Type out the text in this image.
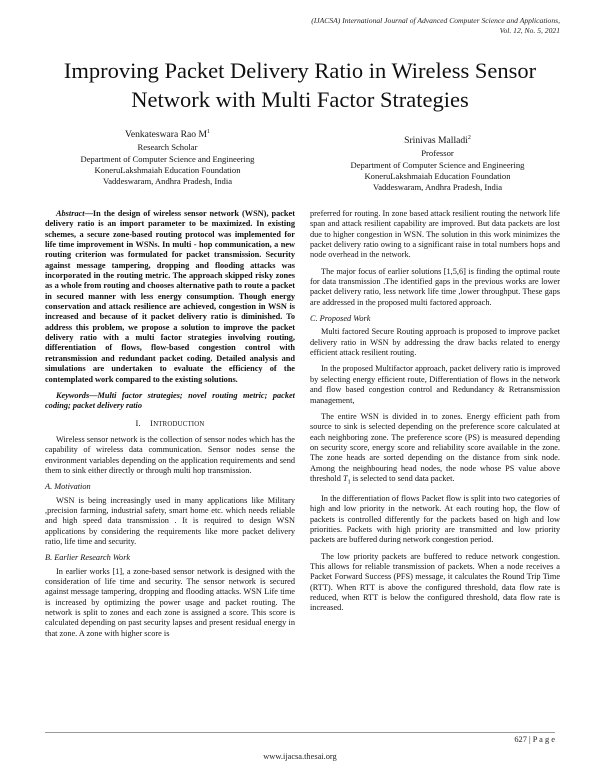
(IJACSA) International Journal of Advanced Computer Science and Applications,
Vol. 12, No. 5, 2021
Improving Packet Delivery Ratio in Wireless Sensor
Network with Multi Factor Strategies
Venkateswara Rao $M^1$
Research Scholar
Department of Computer Science and Engineering
KoneruLakshmaiah Education Foundation
Vaddeswaram, Andhra Pradesh, India
Srinivas Malladi$^2$
Professor
Department of Computer Science and Engineering
KoneruLakshmaiah Education Foundation
Vaddeswaram, Andhra Pradesh, India

Abstract—In the design of wireless sensor network (WSN), packet delivery ratio is an import parameter to be maximized. In existing schemes, a secure zone-based routing protocol was implemented for life time improvement in WSNs. In multi - hop communication, a new routing criterion was formulated for packet transmission. Security against message tampering, dropping and flooding attacks was incorporated in the routing metric. The approach skipped risky zones as a whole from routing and chooses alternative path to route a packet in secured manner with less energy consumption. Though energy conservation and attack resilience are achieved, congestion in WSN is increased and because of it packet delivery ratio is diminished. To address this problem, we propose a solution to improve the packet delivery ratio with a multi factor strategies involving routing, differentiation of flows, flow-based congestion control with retransmission and redundant packet coding. Detailed analysis and simulations are undertaken to evaluate the efficiency of the contemplated work compared to the existing solutions.

Keywords—Multi factor strategies; novel routing metric; packet coding; packet delivery ratio

I. INTRODUCTION

Wireless sensor network is the collection of sensor nodes which has the capability of wireless data communication. Sensor nodes sense the environment variables depending on the application requirements and send them to sink either directly or through multi hop transmission.

A. Motivation

WSN is being increasingly used in many applications like Military ,precision farming, industrial safety, smart home etc. which needs reliable and high speed data transmission . It is required to design WSN applications by considering the requirements like more packet delivery ratio, life time and security.

B. Earlier Research Work

In earlier works [1], a zone-based sensor network is designed with the consideration of life time and security. The sensor network is secured against message tampering, dropping and flooding attacks. WSN Life time is increased by optimizing the power usage and packet routing. The network is split to zones and each zone is assigned a score. This score is calculated depending on past security lapses and present residual energy in that zone. A zone with higher score is

preferred for routing. In zone based attack resilient routing the network life span and attack resilient capability are improved. But data packets are lost due to higher congestion in WSN. The solution in this work minimizes the packet delivery ratio owing to a significant raise in total numbers hops and node overhead in the network.

The major focus of earlier solutions [1,5,6] is finding the optimal route for data transmission .The identified gaps in the previous works are lower packet delivery ratio, less network life time ,lower throughput. These gaps are addressed in the proposed multi factored approach.

C. Proposed Work

Multi factored Secure Routing approach is proposed to improve packet delivery ratio in WSN by addressing the draw backs related to energy efficient attack resilient routing.

In the proposed Multifactor approach, packet delivery ratio is improved by selecting energy efficient route, Differentiation of flows in the network and flow based congestion control and Redundancy & Retransmission management,

The entire WSN is divided in to zones. Energy efficient path from source to sink is selected depending on the preference score calculated at each neighboring zone. The preference score (PS) is measured depending on security score, energy score and reliability score available in the zone. The zone heads are sorted depending on the distance from sink node. Among the neighbouring head nodes, the node whose PS value above threshold $T_1$ is selected to send data packet.

In the differentiation of flows Packet flow is split into two categories of high and low priority in the network. At each routing hop, the flow of packets is controlled differently for the packets based on high and low priorities. Packets with high priority are transmitted and low priority packets are buffered during network congestion period.

The low priority packets are buffered to reduce network congestion. This allows for reliable transmission of packets. When a node receives a Packet Forward Success (PFS) message, it calculates the Round Trip Time (RTT). When RTT is above the configured threshold, data flow rate is reduced, when RTT is below the configured threshold, data flow rate is increased.

627 | P a g e
www.ijacsa.thesai.org
